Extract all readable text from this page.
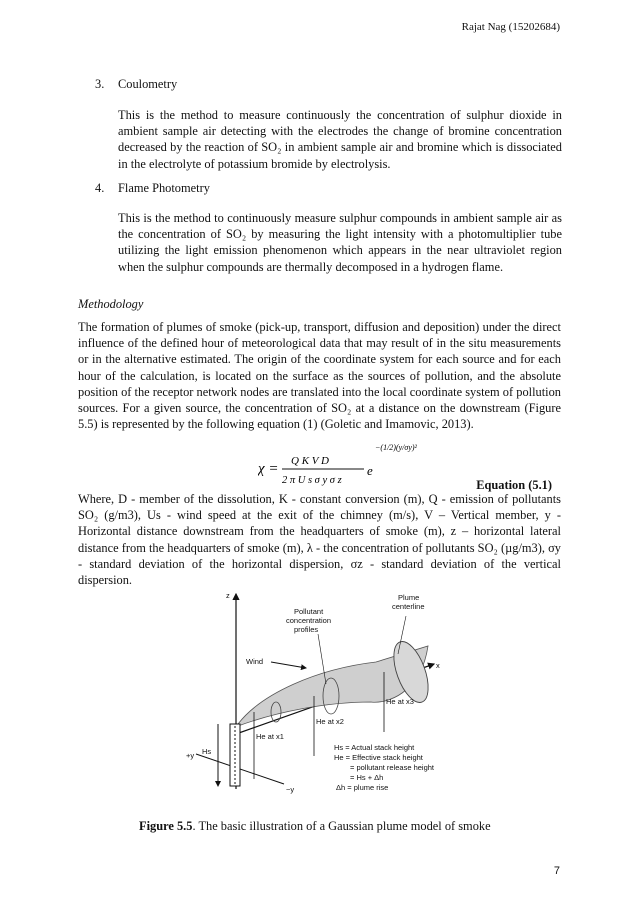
Rajat Nag (15202684)
3. Coulometry
This is the method to measure continuously the concentration of sulphur dioxide in ambient sample air detecting with the electrodes the change of bromine concentration decreased by the reaction of SO₂ in ambient sample air and bromine which is dissociated in the electrolyte of potassium bromide by electrolysis.
4. Flame Photometry
This is the method to continuously measure sulphur compounds in ambient sample air as the concentration of SO₂ by measuring the light intensity with a photomultiplier tube utilizing the light emission phenomenon which appears in the near ultraviolet region when the sulphur compounds are thermally decomposed in a hydrogen flame.
Methodology
The formation of plumes of smoke (pick-up, transport, diffusion and deposition) under the direct influence of the defined hour of meteorological data that may result of in the situ measurements or in the alternative estimated. The origin of the coordinate system for each source and for each hour of the calculation, is located on the surface as the sources of pollution, and the absolute position of the receptor network nodes are translated into the local coordinate system of pollution sources. For a given source, the concentration of SO₂ at a distance on the downstream (Figure 5.5) is represented by the following equation (1) (Goletic and Imamovic, 2013).
χ = Q K V D
2 π U s σ y σ z
e
−(1/2)(y/σy)²
Equation (5.1)
Where, D - member of the dissolution, K - constant conversion (m), Q - emission of pollutants SO₂ (g/m3), Us - wind speed at the exit of the chimney (m/s), V – Vertical member, y - Horizontal distance downstream from the headquarters of smoke (m), z – horizontal lateral distance from the headquarters of smoke (m), λ - the concentration of pollutants SO₂ (µg/m3), σy - standard deviation of the horizontal dispersion, σz - standard deviation of the vertical dispersion.
z
x
+y
−y
Wind
Plume
centerline
Pollutant
concentration
profiles
Hs
He at x1
He at x2
He at x3
Hs = Actual stack height
He = Effective stack height
= pollutant release height
= Hs + Δh
Δh = plume rise
Figure 5.5. The basic illustration of a Gaussian plume model of smoke
7
